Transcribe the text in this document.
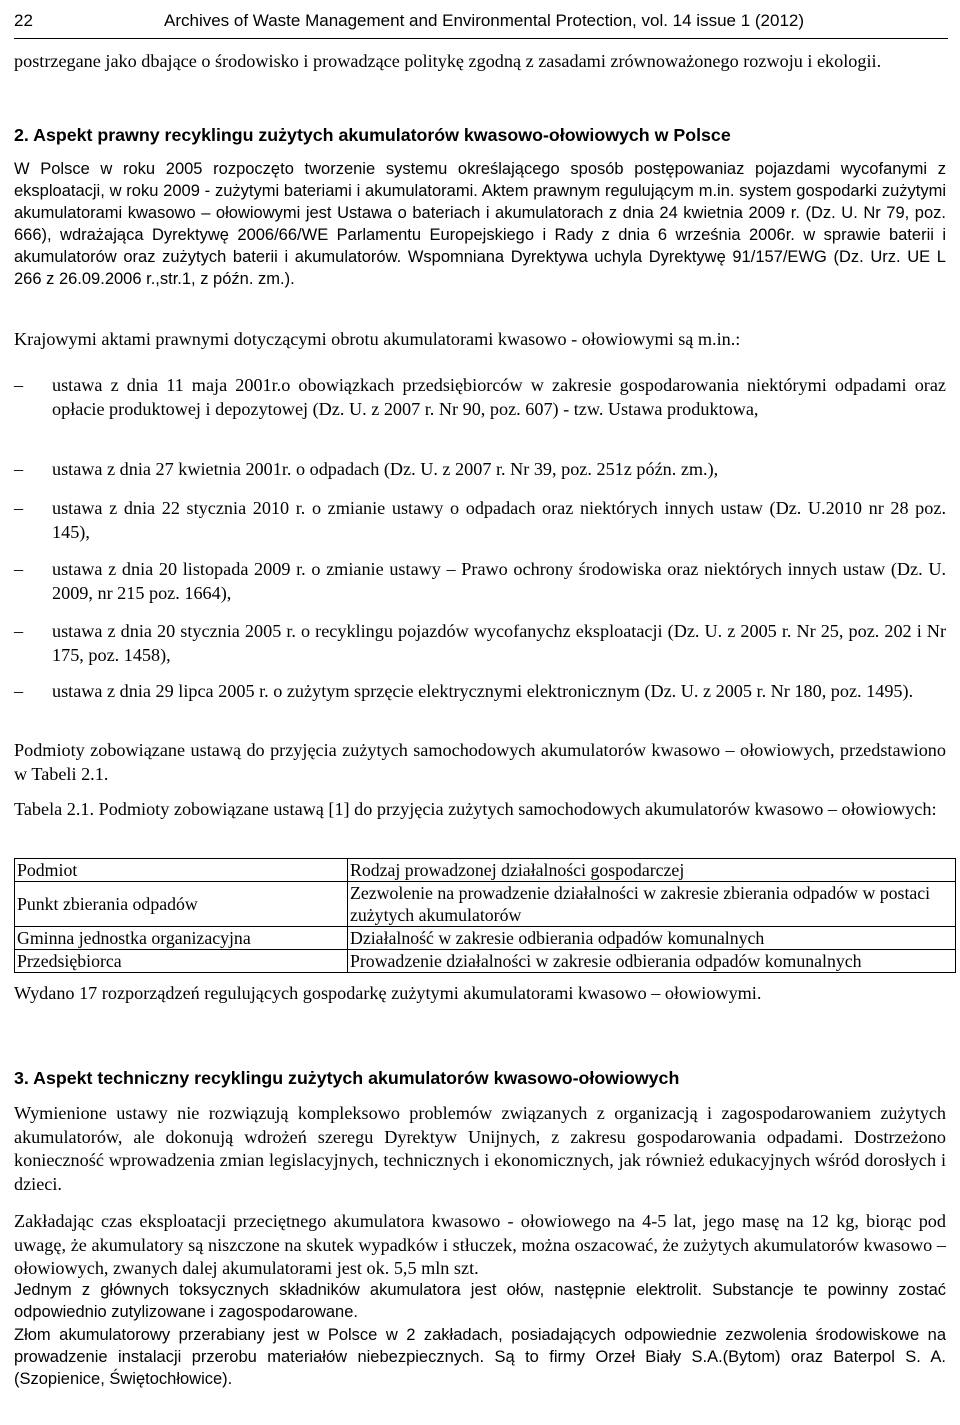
22	Archives of Waste Management and Environmental Protection, vol. 14 issue 1 (2012)

postrzegane jako dbające o środowisko i prowadzące politykę zgodną z zasadami zrównoważonego rozwoju i ekologii.

2. Aspekt prawny recyklingu zużytych akumulatorów kwasowo-ołowiowych w Polsce

W Polsce w roku 2005 rozpoczęto tworzenie systemu określającego sposób postępowaniaz pojazdami wycofanymi z eksploatacji, w roku 2009 - zużytymi bateriami i akumulatorami. Aktem prawnym regulującym m.in. system gospodarki zużytymi akumulatorami kwasowo – ołowiowymi jest Ustawa o bateriach i akumulatorach z dnia 24 kwietnia 2009 r. (Dz. U. Nr 79, poz. 666), wdrażająca Dyrektywę 2006/66/WE Parlamentu Europejskiego i Rady z dnia 6 września 2006r. w sprawie baterii i akumulatorów oraz zużytych baterii i akumulatorów. Wspomniana Dyrektywa uchyla Dyrektywę 91/157/EWG (Dz. Urz. UE L 266 z 26.09.2006 r.,str.1, z późn. zm.).

Krajowymi aktami prawnymi dotyczącymi obrotu akumulatorami kwasowo - ołowiowymi są m.in.:

– ustawa z dnia 11 maja 2001r.o obowiązkach przedsiębiorców w zakresie gospodarowania niektórymi odpadami oraz opłacie produktowej i depozytowej (Dz. U. z 2007 r. Nr 90, poz. 607) - tzw. Ustawa produktowa,
– ustawa z dnia 27 kwietnia 2001r. o odpadach (Dz. U. z 2007 r. Nr 39, poz. 251z późn. zm.),
– ustawa z dnia 22 stycznia 2010 r. o zmianie ustawy o odpadach oraz niektórych innych ustaw (Dz. U.2010 nr 28 poz. 145),
– ustawa z dnia 20 listopada 2009 r. o zmianie ustawy – Prawo ochrony środowiska oraz niektórych innych ustaw (Dz. U. 2009, nr 215 poz. 1664),
– ustawa z dnia 20 stycznia 2005 r. o recyklingu pojazdów wycofanychz eksploatacji (Dz. U. z 2005 r. Nr 25, poz. 202 i Nr 175, poz. 1458),
– ustawa z dnia 29 lipca 2005 r. o zużytym sprzęcie elektrycznymi elektronicznym (Dz. U. z 2005 r. Nr 180, poz. 1495).

Podmioty zobowiązane ustawą do przyjęcia zużytych samochodowych akumulatorów kwasowo – ołowiowych, przedstawiono w Tabeli 2.1.

Tabela 2.1. Podmioty zobowiązane ustawą [1] do przyjęcia zużytych samochodowych akumulatorów kwasowo – ołowiowych:

Podmiot	Rodzaj prowadzonej działalności gospodarczej
Punkt zbierania odpadów	Zezwolenie na prowadzenie działalności w zakresie zbierania odpadów w postaci zużytych akumulatorów
Gminna jednostka organizacyjna	Działalność w zakresie odbierania odpadów komunalnych
Przedsiębiorca	Prowadzenie działalności w zakresie odbierania odpadów komunalnych

Wydano 17 rozporządzeń regulujących gospodarkę zużytymi akumulatorami kwasowo – ołowiowymi.

3. Aspekt techniczny recyklingu zużytych akumulatorów kwasowo-ołowiowych

Wymienione ustawy nie rozwiązują kompleksowo problemów związanych z organizacją i zagospodarowaniem zużytych akumulatorów, ale dokonują wdrożeń szeregu Dyrektyw Unijnych, z zakresu gospodarowania odpadami. Dostrzeżono konieczność wprowadzenia zmian legislacyjnych, technicznych i ekonomicznych, jak również edukacyjnych wśród dorosłych i dzieci.

Zakładając czas eksploatacji przeciętnego akumulatora kwasowo - ołowiowego na 4-5 lat, jego masę na 12 kg, biorąc pod uwagę, że akumulatory są niszczone na skutek wypadków i stłuczek, można oszacować, że zużytych akumulatorów kwasowo – ołowiowych, zwanych dalej akumulatorami jest ok. 5,5 mln szt.

Jednym z głównych toksycznych składników akumulatora jest ołów, następnie elektrolit. Substancje te powinny zostać odpowiednio zutylizowane i zagospodarowane.

Złom akumulatorowy przerabiany jest w Polsce w 2 zakładach, posiadających odpowiednie zezwolenia środowiskowe na prowadzenie instalacji przerobu materiałów niebezpiecznych. Są to firmy Orzeł Biały S.A.(Bytom) oraz Baterpol S. A. (Szopienice, Świętochłowice).
